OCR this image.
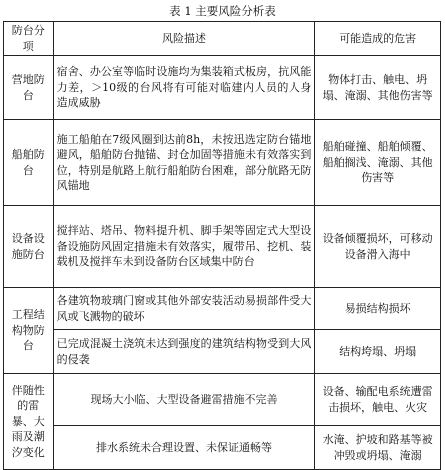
表 1 主要风险分析表
防台分项	风险描述	可能造成的危害
营地防台	宿舍、办公室等临时设施均为集装箱式板房，抗风能力差，＞10级的台风将有可能对临建内人员的人身造成威胁	物体打击、触电、坍塌、淹溺、其他伤害等
船舶防台	施工船舶在7级风圈到达前8h，未按迅选定防台锚地避风，船舶防台抛锚、封仓加固等措施未有效落实到位，特别是航路上航行船舶防台困难，部分航路无防风锚地	船舶碰撞、船舶倾覆、船舶搁浅、淹溺、其他伤害等
设备设施防台	搅拌站、塔吊、物料提升机、脚手架等固定式大型设备设施防风固定措施未有效落实，履带吊、挖机、装载机及搅拌车未到设备防台区域集中防台	设备倾覆损坏，可移动设备滑入海中
工程结构物防台	各建筑物玻璃门窗或其他外部安装活动易损部件受大风或飞溅物的破坏	易损结构损坏
	已完成混凝土浇筑未达到强度的建筑结构物受到大风的侵袭	结构垮塌、坍塌
伴随性的雷暴、大雨及潮汐变化	现场大小临、大型设备避雷措施不完善	设备、输配电系统遭雷击损坏，触电、火灾
	排水系统未合理设置、未保证通畅等	水淹、护坡和路基等被冲毁或坍塌、淹溺
